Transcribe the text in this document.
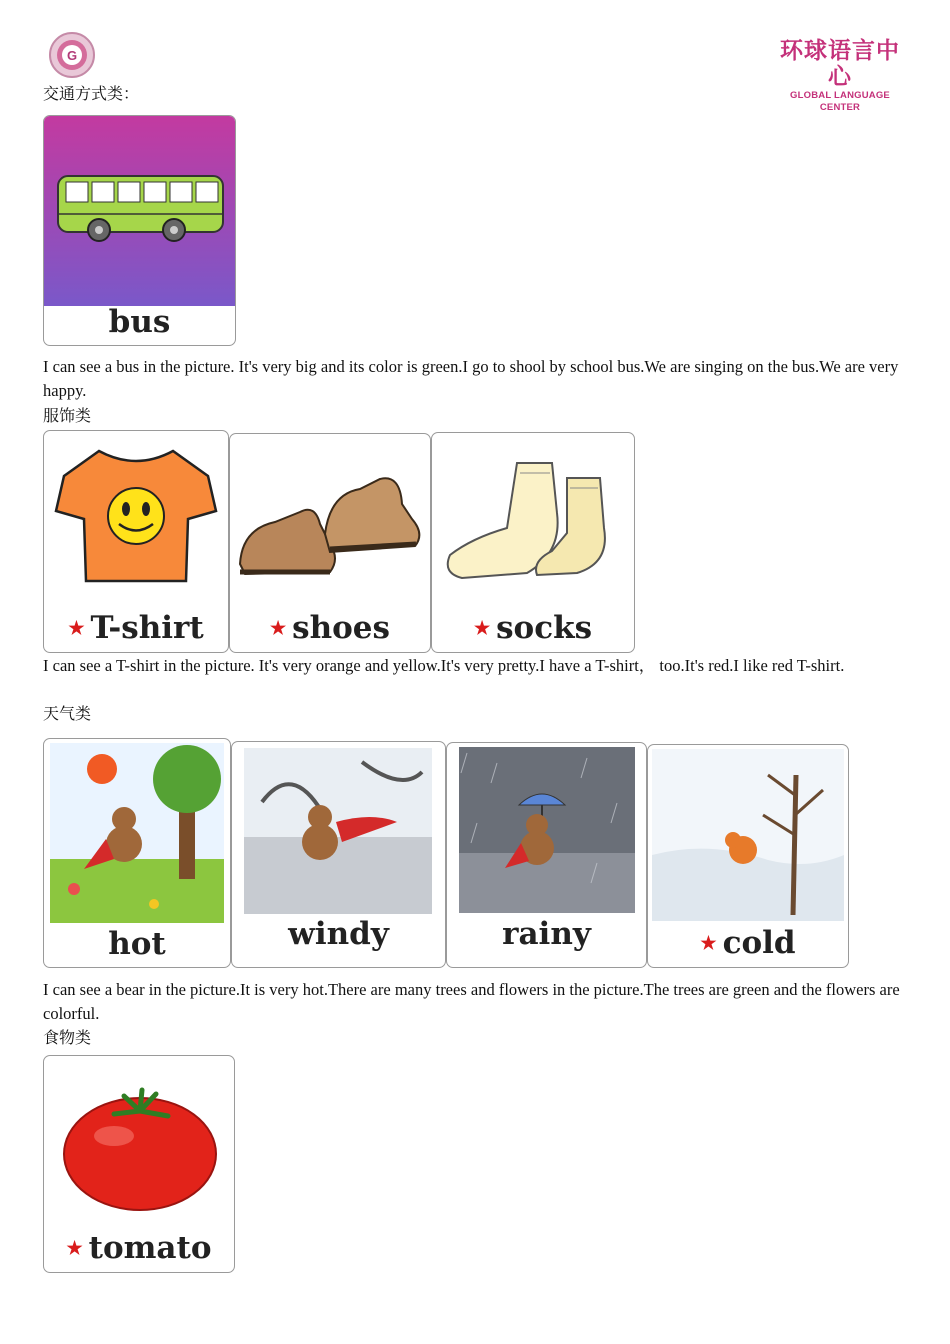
G	环球语言中心
GLOBAL LANGUAGE CENTER
交通方式类：
bus
I can see a bus in the picture. It's very big and its color is green.I go to shool by school bus.We are singing on the bus.We are very happy.
服饰类
★ T-shirt	★ shoes	★ socks
I can see a T-shirt in the picture. It's very orange and yellow.It's very pretty.I have a T-shirt， too.It's red.I like red T-shirt.
天气类
hot	windy	rainy	★ cold
I can see a bear in the picture.It is very hot.There are many trees and flowers in the picture.The trees are green and the flowers are colorful.
食物类
★ tomato
